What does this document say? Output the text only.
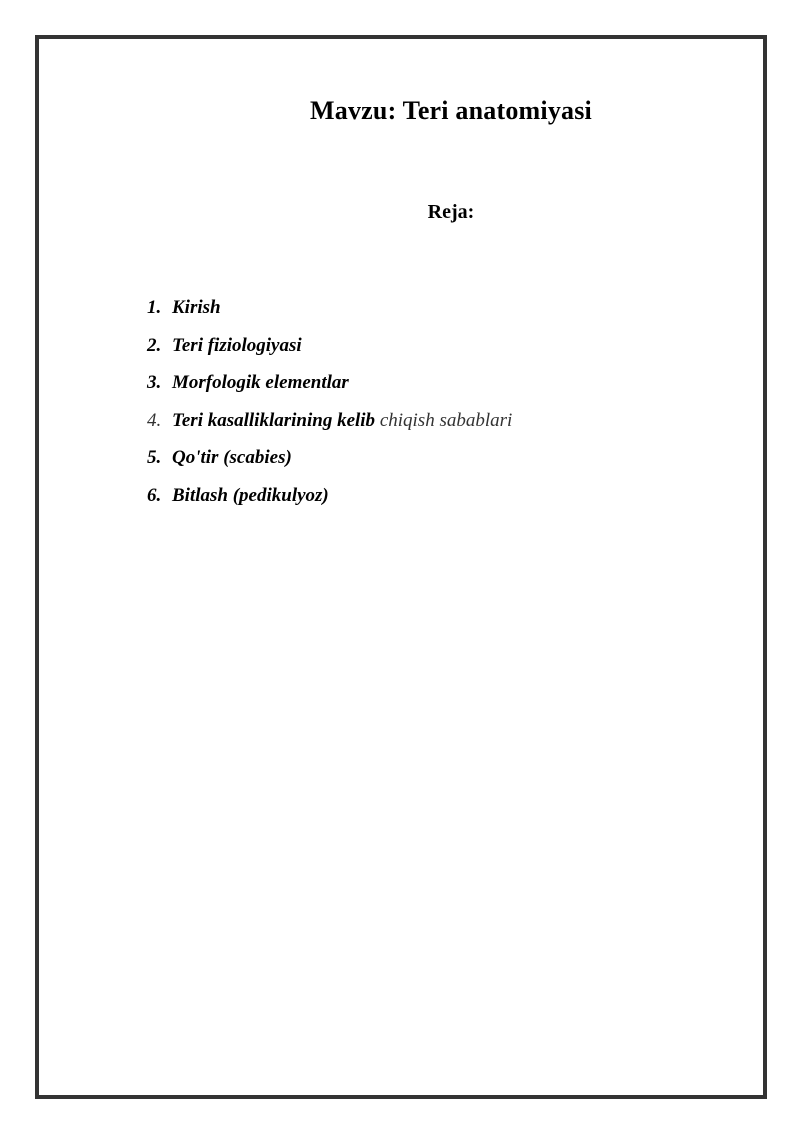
Mavzu: Teri anatomiyasi
Reja:
1. Kirish
2. Teri fiziologiyasi
3. Morfologik elementlar
4. Teri kasalliklarining kelib chiqish sabablari
5. Qo'tir (scabies)
6. Bitlash (pedikulyoz)
